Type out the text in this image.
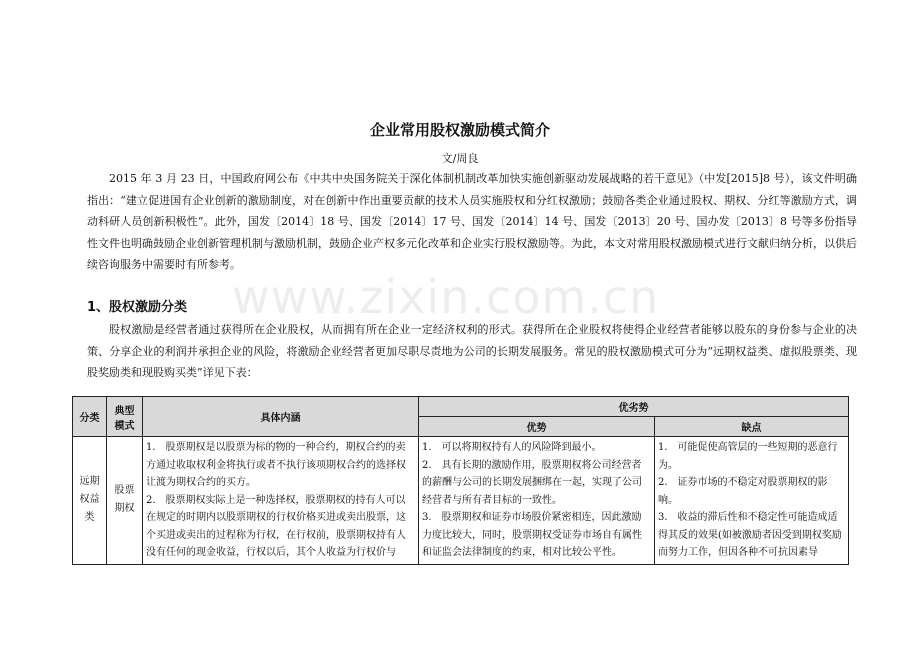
www.zixin.com.cn
企业常用股权激励模式简介
文/周良

2015 年 3 月 23 日，中国政府网公布《中共中央国务院关于深化体制机制改革加快实施创新驱动发展战略的若干意见》（中发[2015]8 号），该文件明确指出：“建立促进国有企业创新的激励制度，对在创新中作出重要贡献的技术人员实施股权和分红权激励；鼓励各类企业通过股权、期权、分红等激励方式，调动科研人员创新积极性”。此外，国发〔2014〕18 号、国发〔2014〕17 号、国发〔2014〕14 号、国发〔2013〕20 号、国办发〔2013〕8 号等多份指导性文件也明确鼓励企业创新管理机制与激励机制，鼓励企业产权多元化改革和企业实行股权激励等。为此，本文对常用股权激励模式进行文献归纳分析，以供后续咨询服务中需要时有所参考。

1、股权激励分类

股权激励是经营者通过获得所在企业股权，从而拥有所在企业一定经济权利的形式。获得所在企业股权将使得企业经营者能够以股东的身份参与企业的决策、分享企业的利润并承担企业的风险，将激励企业经营者更加尽职尽责地为公司的长期发展服务。常见的股权激励模式可分为“远期权益类、虚拟股票类、现股奖励类和现股购买类”详见下表：

分类	典型模式	具体内涵	优劣势	
			优势	缺点
远期权益类	股票期权	1.　股票期权是以股票为标的物的一种合约，期权合约的卖方通过收取权利金将执行或者不执行该项期权合约的选择权让渡为期权合约的买方。
2.　股票期权实际上是一种选择权，股票期权的持有人可以在规定的时期内以股票期权的行权价格买进或卖出股票，这个买进或卖出的过程称为行权，在行权前，股票期权持有人没有任何的现金收益，行权以后，其个人收益为行权价与	1.　可以将期权持有人的风险降到最小。
2.　具有长期的激励作用，股票期权将公司经营者的薪酬与公司的长期发展捆绑在一起，实现了公司经营者与所有者目标的一致性。
3.　股票期权和证券市场股价紧密相连，因此激励力度比较大，同时，股票期权受证券市场自有属性和证监会法律制度的约束，相对比较公平性。	1.　可能促使高管层的一些短期的恶意行为。
2.　证券市场的不稳定对股票期权的影响。
3.　收益的滞后性和不稳定性可能造成适得其反的效果(如被激励者因受到期权奖励而努力工作，但因各种不可抗因素导
